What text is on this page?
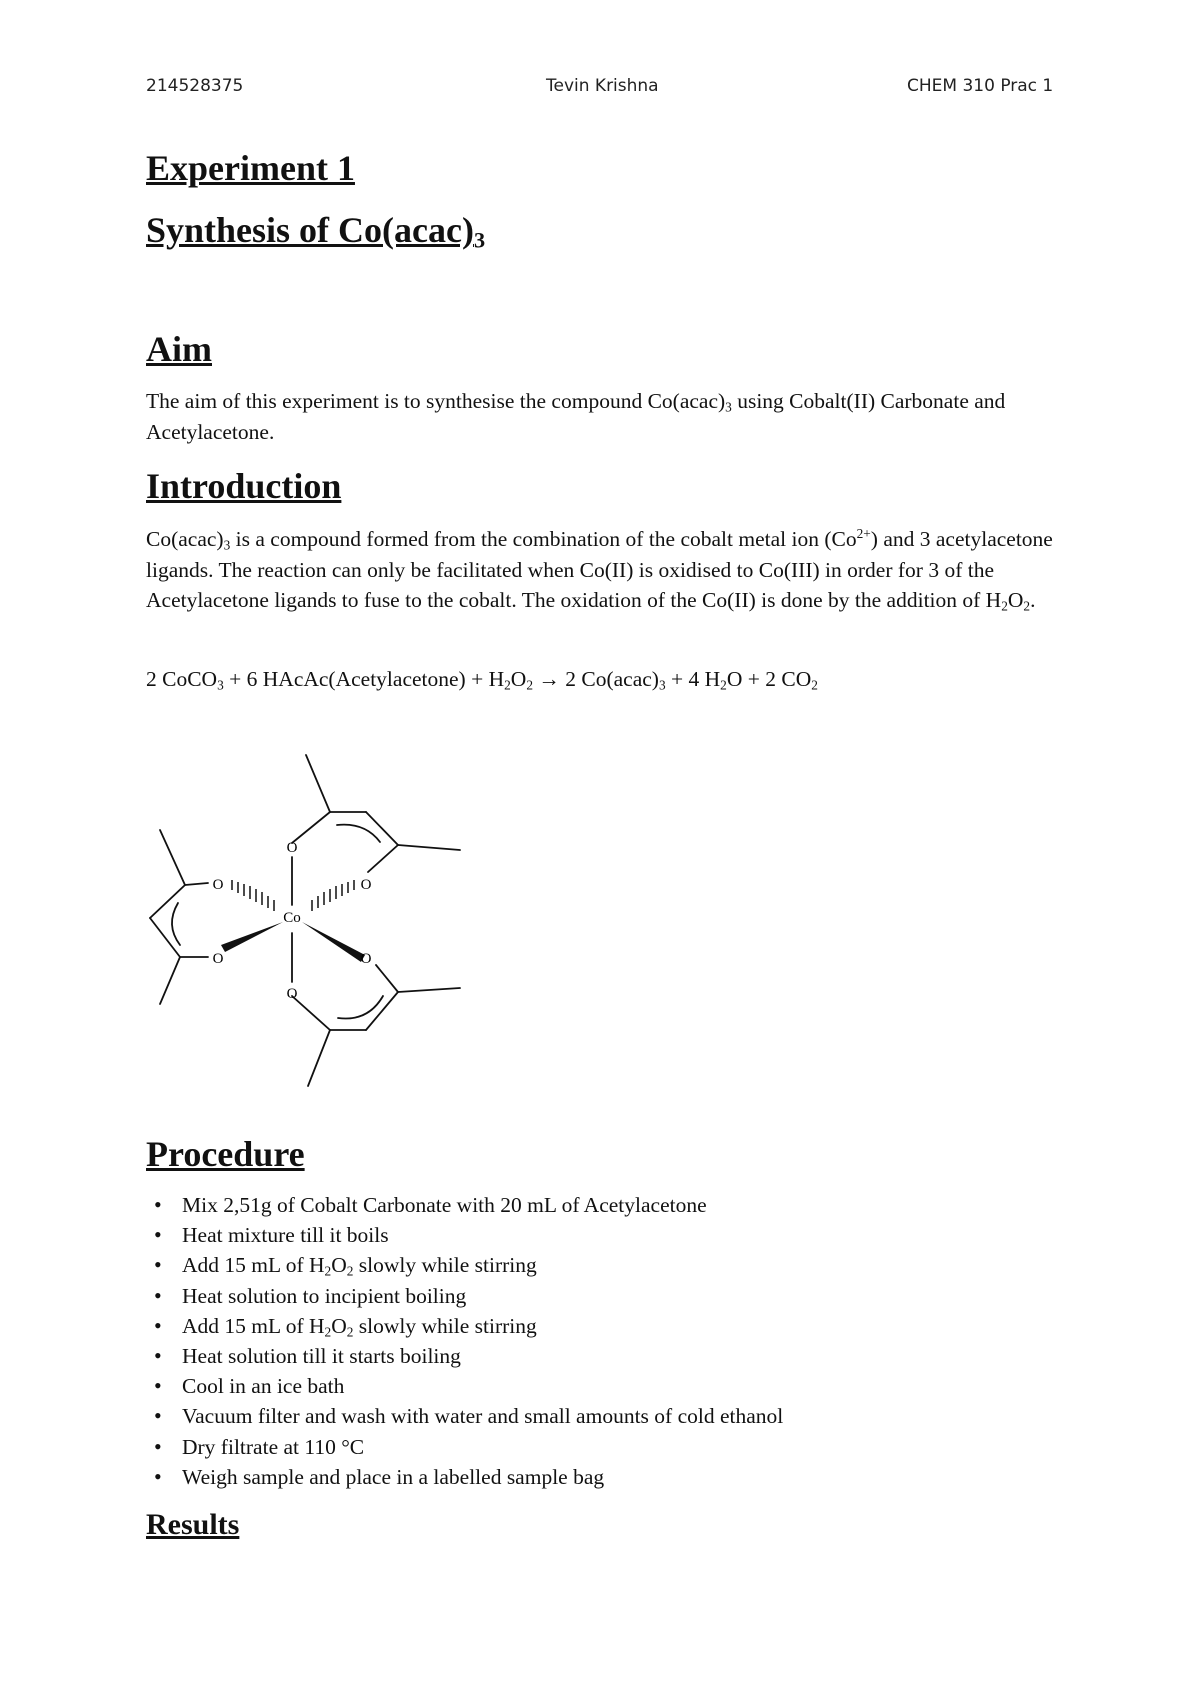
214528375	Tevin Krishna	CHEM 310 Prac 1
Experiment 1
Synthesis of $Co(acac)_3$
Aim

The aim of this experiment is to synthesise the compound $Co(acac)_3$ using Cobalt(II) Carbonate and Acetylacetone.

Introduction

$Co(acac)_3$ is a compound formed from the combination of the cobalt metal ion $(Co^{2+})$ and 3 acetylacetone ligands. The reaction can only be facilitated when Co(II) is oxidised to Co(III) in order for 3 of the Acetylacetone ligands to fuse to the cobalt. The oxidation of the Co(II) is done by the addition of $H_2O_2$.

2 CoCO$_3$ + 6 HAcAc(Acetylacetone) + $H_2O_2 \to 2$ $Co(acac)_3 + 4$ $H_2O + 2$ $CO_2$

Co
O
O
O
O
O
O
Procedure
• Mix 2,51g of Cobalt Carbonate with 20 mL of Acetylacetone
• Heat mixture till it boils
• Add 15 mL of $H_2O_2$ slowly while stirring
• Heat solution to incipient boiling
• Add 15 mL of $H_2O_2$ slowly while stirring
• Heat solution till it starts boiling
• Cool in an ice bath
• Vacuum filter and wash with water and small amounts of cold ethanol
• Dry filtrate at 110 °C
• Weigh sample and place in a labelled sample bag
Results
